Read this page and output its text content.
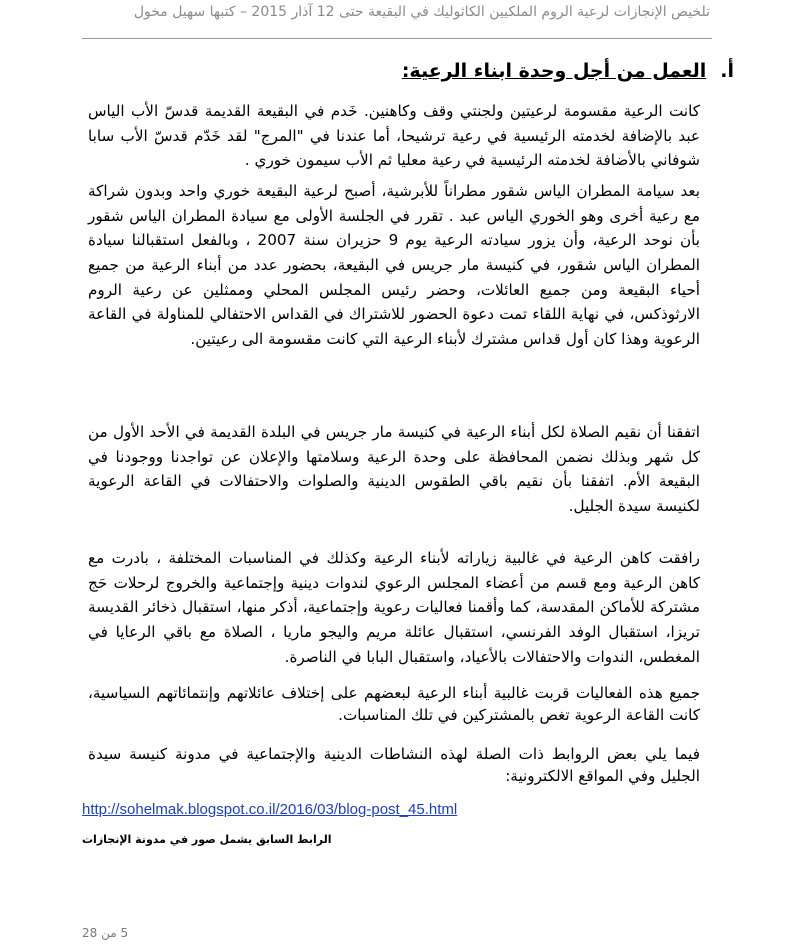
تلخيص الإنجازات لرعية الروم الملكيين الكاثوليك في البقيعة حتى 12 آذار 2015 – كتبها سهيل مخول
أ.العمل من أجل وحدة ابناء الرعية:
كانت الرعية مقسومة لرعيتين ولجنتي وقف وكاهنين. خَدم في البقيعة القديمة قدسّ الأب الياس عبد بالإضافة لخدمته الرئيسية في رعية ترشيحا، أما عندنا في "المرج" لقد خَدّم قدسّ الأب سابا شوفاني بالأضافة لخدمته الرئيسية في رعية معليا ثم الأب سيمون خوري .
بعد سيامة المطران الياس شقور مطراناً للأبرشية، أصبح لرعية البقيعة خوري واحد وبدون شراكة مع رعية أخرى وهو الخوري الياس عبد . تقرر في الجلسة الأولى مع سيادة المطران الياس شقور بأن نوحد الرعية، وأن يزور سيادته الرعية يوم 9 حزيران سنة 2007 ، وبالفعل استقبالنا سيادة المطران الياس شقور، في كنيسة مار جريس في البقيعة، بحضور عدد من أبناء الرعية من جميع أحياء البقيعة ومن جميع العائلات، وحضر رئيس المجلس المحلي وممثلين عن رعية الروم الارثوذكس، في نهاية اللقاء تمت دعوة الحضور للاشتراك في القداس الاحتفالي للمناولة في القاعة الرعوية وهذا كان أول قداس مشترك لأبناء الرعية التي كانت مقسومة الى رعيتين.
اتفقنا أن نقيم الصلاة لكل أبناء الرعية في كنيسة مار جريس في البلدة القديمة في الأحد الأول من كل شهر وبذلك نضمن المحافظة على وحدة الرعية وسلامتها والإعلان عن تواجدنا ووجودنا في البقيعة الأم. اتفقنا بأن نقيم باقي الطقوس الدينية والصلوات والاحتفالات في القاعة الرعوية لكنيسة سيدة الجليل.
رافقت كاهن الرعية في غالبية زياراته لأبناء الرعية وكذلك في المناسبات المختلفة ، بادرت مع كاهن الرعية ومع قسم من أعضاء المجلس الرعوي لندوات دينية وإجتماعية والخروج لرحلات حَج مشتركة للأماكن المقدسة، كما وأقمنا فعاليات رعوية وإجتماعية، أذكر منها، استقبال ذخائر القديسة تريزا، استقبال الوفد الفرنسي، استقبال عائلة مريم واليجو ماريا ، الصلاة مع باقي الرعايا في المغطس، الندوات والاحتفالات بالأعياد، واستقبال البابا في الناصرة.
جميع هذه الفعاليات قربت غالبية أبناء الرعية لبعضهم على إختلاف عائلاتهم وإنتمائاتهم السياسية، كانت القاعة الرعوية تغص بالمشتركين في تلك المناسبات.
فيما يلي بعض الروابط ذات الصلة لهذه النشاطات الدينية والإجتماعية في مدونة كنيسة سيدة الجليل وفي المواقع الالكترونية:
http://sohelmak.blogspot.co.il/2016/03/blog-post_45.html
الرابط السابق يشمل صور في مدونة الإنجازات
5 من 28
